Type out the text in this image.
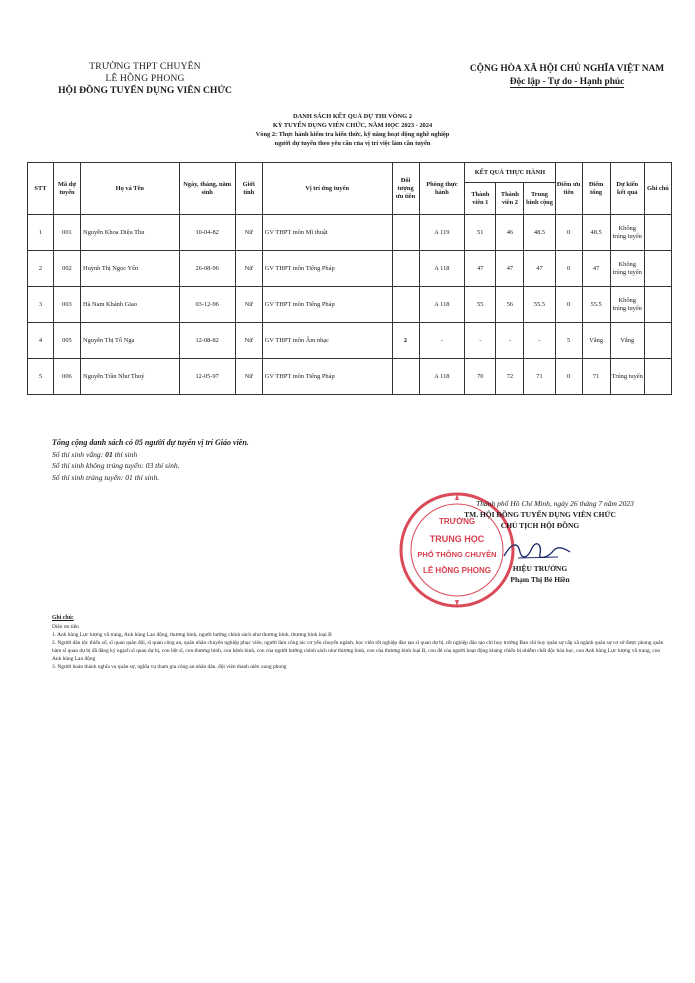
TRƯỜNG THPT CHUYÊN
LÊ HỒNG PHONG
HỘI ĐỒNG TUYỂN DỤNG VIÊN CHỨC
CỘNG HÒA XÃ HỘI CHỦ NGHĨA VIỆT NAM
Độc lập - Tự do - Hạnh phúc
DANH SÁCH KẾT QUẢ DỰ THI VÒNG 2
KỲ TUYỂN DỤNG VIÊN CHỨC, NĂM HỌC 2023 - 2024
Vòng 2: Thực hành kiểm tra kiến thức, kỹ năng hoạt động nghề nghiệp
người dự tuyển theo yêu cầu của vị trí việc làm cần tuyển
STT	Mã dự tuyển	Họ và Tên	Ngày, tháng, năm sinh	Giới tính	Vị trí ứng tuyển	Đối tượng ưu tiên	Phòng thực hành	KẾT QUẢ THỰC HÀNH			Điểm ưu tiên	Điểm tổng	Dự kiến kết quả	Ghi chú
								Thành viên 1	Thành viên 2	Trung bình cộng				
1	001	Nguyễn Khoa Diệu Thu	10-04-82	Nữ	GV THPT môn Mĩ thuật		A 119	51	46	48.5	0	48.5	Không trúng tuyển	
2	002	Huỳnh Thị Ngọc Yến	26-08-96	Nữ	GV THPT môn Tiếng Pháp		A 118	47	47	47	0	47	Không trúng tuyển	
3	003	Hà Nam Khánh Giao	03-12-96	Nữ	GV THPT môn Tiếng Pháp		A 118	55	56	55.5	0	55.5	Không trúng tuyển	
4	005	Nguyễn Thị Tố Nga	12-08-82	Nữ	GV THPT môn Âm nhạc	2	-	-	-	-	5	Vắng	Vắng	
5	006	Nguyễn Trần Như Thuý	12-05-97	Nữ	GV THPT môn Tiếng Pháp		A 118	70	72	71	0	71	Trúng tuyển	
Tổng cộng danh sách có 05 người dự tuyển vị trí Giáo viên.
Số thí sinh vắng: 01 thí sinh
Số thí sinh không trúng tuyển: 03 thí sinh.
Số thí sinh trúng tuyển: 01 thí sinh.
TRƯỜNG
TRUNG HỌC
PHỔ THÔNG CHUYÊN
LÊ HỒNG PHONG
Thành phố Hồ Chí Minh, ngày 26 tháng 7 năm 2023
TM. HỘI ĐỒNG TUYỂN DỤNG VIÊN CHỨC
CHỦ TỊCH HỘI ĐỒNG
HIỆU TRƯỞNG
Phạm Thị Bé Hiền
Ghi chú:
Diện ưu tiên
1. Anh hùng Lực lượng vũ trang, Anh hùng Lao động, thương binh, người hưởng chính sách như thương binh, thương binh loại B
2. Người dân tộc thiểu số, sĩ quan quân đội, sĩ quan công an, quân nhân chuyên nghiệp phục viên, người làm công tác cơ yếu chuyển ngành, học viên tốt nghiệp đào tạo sĩ quan dự bị, tốt nghiệp đào tạo chỉ huy trưởng Ban chỉ huy quân sự cấp xã ngành quân sự cơ sở được phong quân hàm sĩ quan dự bị đã đăng ký ngạch sĩ quan dự bị, con liệt sĩ, con thương binh, con bệnh binh, con của người hưởng chính sách như thương binh, con của thương binh loại B, con đẻ của người hoạt động kháng chiến bị nhiễm chất độc hóa học, con Anh hùng Lực lượng vũ trang, con Anh hùng Lao động
3. Người hoàn thành nghĩa vụ quân sự, nghĩa vụ tham gia công an nhân dân, đội viên thanh niên xung phong
